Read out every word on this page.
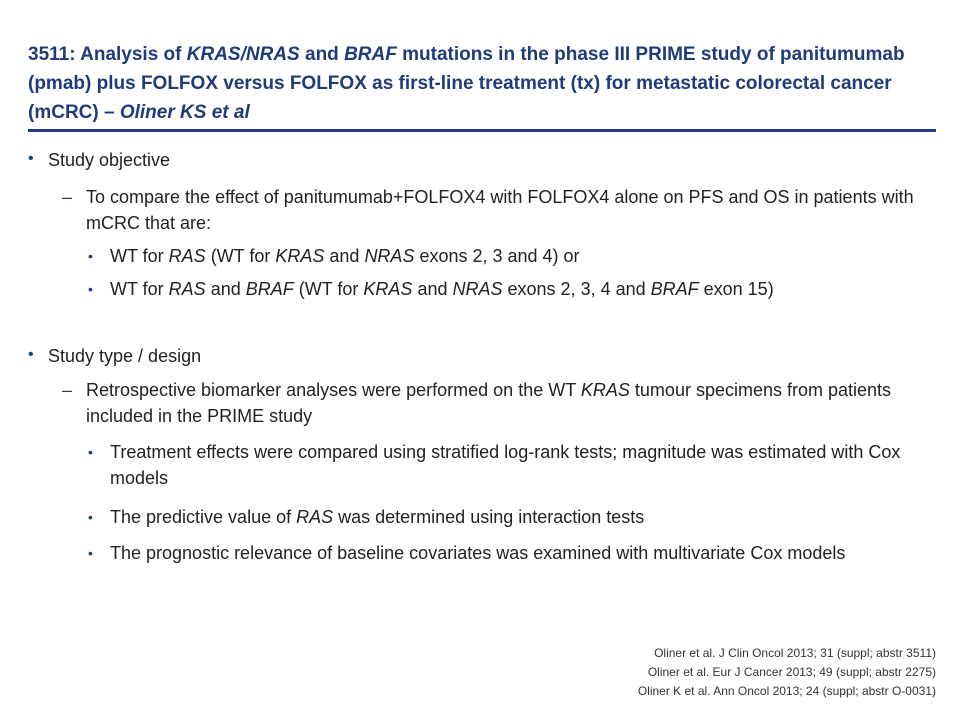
3511: Analysis of KRAS/NRAS and BRAF mutations in the phase III PRIME study of panitumumab (pmab) plus FOLFOX versus FOLFOX as first-line treatment (tx) for metastatic colorectal cancer (mCRC) – Oliner KS et al
• Study objective
– To compare the effect of panitumumab+FOLFOX4 with FOLFOX4 alone on PFS and OS in patients with mCRC that are:
• WT for RAS (WT for KRAS and NRAS exons 2, 3 and 4) or
• WT for RAS and BRAF (WT for KRAS and NRAS exons 2, 3, 4 and BRAF exon 15)
• Study type / design
– Retrospective biomarker analyses were performed on the WT KRAS tumour specimens from patients included in the PRIME study
• Treatment effects were compared using stratified log-rank tests; magnitude was estimated with Cox models
• The predictive value of RAS was determined using interaction tests
• The prognostic relevance of baseline covariates was examined with multivariate Cox models
Oliner et al. J Clin Oncol 2013; 31 (suppl; abstr 3511)
Oliner et al. Eur J Cancer 2013; 49 (suppl; abstr 2275)
Oliner K et al. Ann Oncol 2013; 24 (suppl; abstr O-0031)
